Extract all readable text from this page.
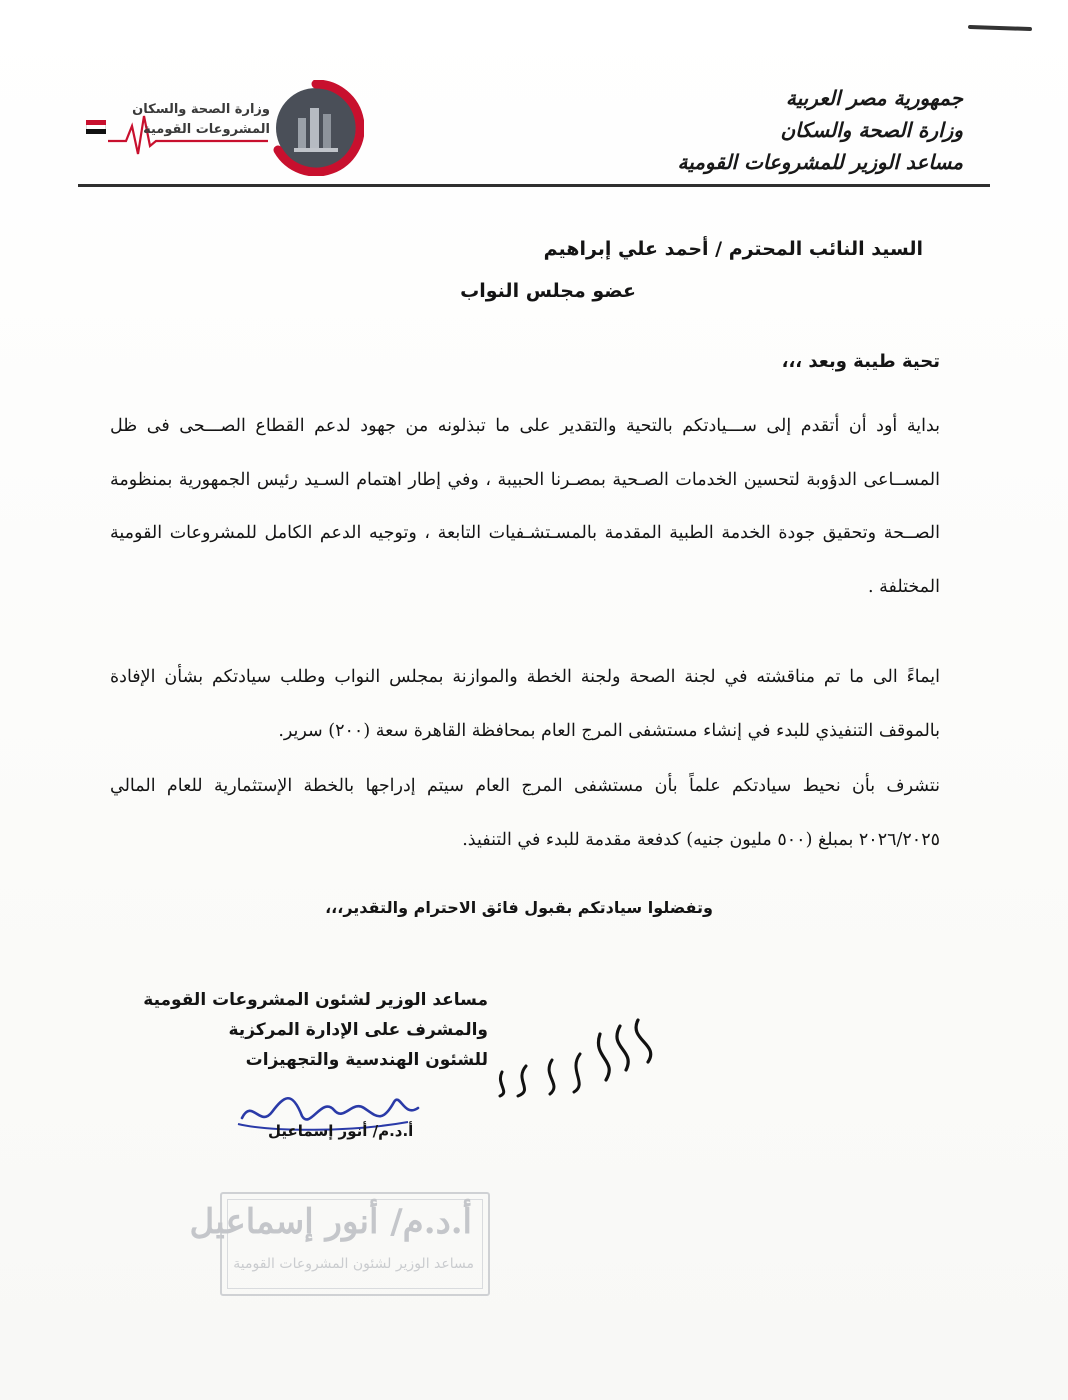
جمهورية مصر العربية
وزارة الصحة والسكان
مساعد الوزير للمشروعات القومية
وزارة الصحة والسكان
المشروعات القومية
السيد النائب المحترم / أحمد علي إبراهيم
عضو مجلس النواب
تحية طيبة وبعد ،،،
بداية أود أن أتقدم إلى ســـيادتكم بالتحية والتقدير على ما تبذلونه من جهود لدعم القطاع الصـــحى فى ظل المســاعى الدؤوبة لتحسين الخدمات الصـحية بمصـرنا الحبيبة ، وفي إطار اهتمام السـيد رئيس الجمهورية بمنظومة الصــحة وتحقيق جودة الخدمة الطبية المقدمة بالمسـتشـفيات التابعة ، وتوجيه الدعم الكامل للمشروعات القومية المختلفة .
ايماءً الى ما تم مناقشته في لجنة الصحة ولجنة الخطة والموازنة بمجلس النواب وطلب سيادتكم بشأن الإفادة بالموقف التنفيذي للبدء في إنشاء مستشفى المرج العام بمحافظة القاهرة سعة (٢٠٠) سرير.
نتشرف بأن نحيط سيادتكم علماً بأن مستشفى المرج العام سيتم إدراجها بالخطة الإستثمارية للعام المالي ٢٠٢٦/٢٠٢٥ بمبلغ (٥٠٠ مليون جنيه) كدفعة مقدمة للبدء في التنفيذ.
وتفضلوا سيادتكم بقبول فائق الاحترام والتقدير،،،
مساعد الوزير لشئون المشروعات القومية
والمشرف على الإدارة المركزية
للشئون الهندسية والتجهيزات
أ.د.م/ أنور إسماعيل
أ.د.م/ أنور إسماعيل
مساعد الوزير لشئون المشروعات القومية
